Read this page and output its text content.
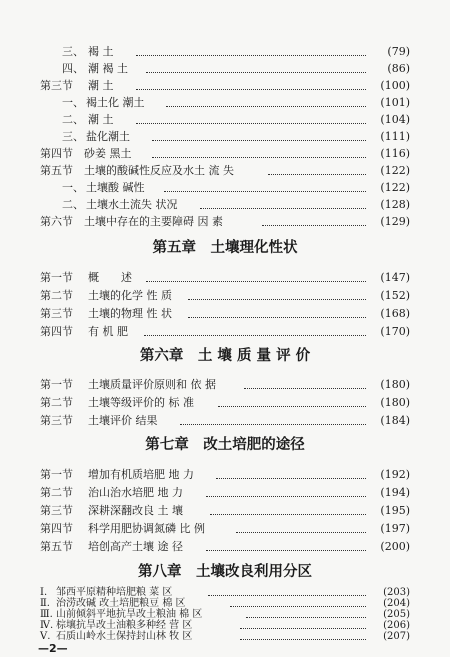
三、 褐 土	(79)
四、 潮 褐 土	(86)
第三节 潮 土	(100)
一、 褐土化 潮土	(101)
二、 潮 土	(104)
三、 盐化潮土	(111)
第四节 砂姜 黑土	(116)
第五节 土壤的酸碱性反应及水土 流 失	(122)
一、 土壤酸 碱性	(122)
二、 土壤水土流失 状况	(128)
第六节 土壤中存在的主要障碍 因 素	(129)
第五章　土壤理化性状
第一节 概　　述	(147)
第二节 土壤的化学 性 质	(152)
第三节 土壤的物理 性 状	(168)
第四节 有 机 肥	(170)
第六章　土 壤 质 量 评 价
第一节 土壤质量评价原则和 依 据	(180)
第二节 土壤等级评价的 标 准	(180)
第三节 土壤评价 结果	(184)
第七章　改土培肥的途径
第一节 增加有机质培肥 地 力	(192)
第二节 治山治水培肥 地 力	(194)
第三节 深耕深翻改良 土 壤	(195)
第四节 科学用肥协调氮磷 比 例	(197)
第五节 培创高产土壤 途 径	(200)
第八章　土壤改良利用分区
—2—
Ⅰ. 邹西平原精种培肥粮 菜 区	(203)
Ⅱ. 治涝改碱 改土培肥粮豆 棉 区	(204)
Ⅲ. 山前倾斜平地抗旱改土粮油 棉 区	(205)
Ⅳ. 棕壤抗旱改土油粮多种经 营 区	(206)
Ⅴ. 石质山岭水土保持封山林 牧 区	(207)
